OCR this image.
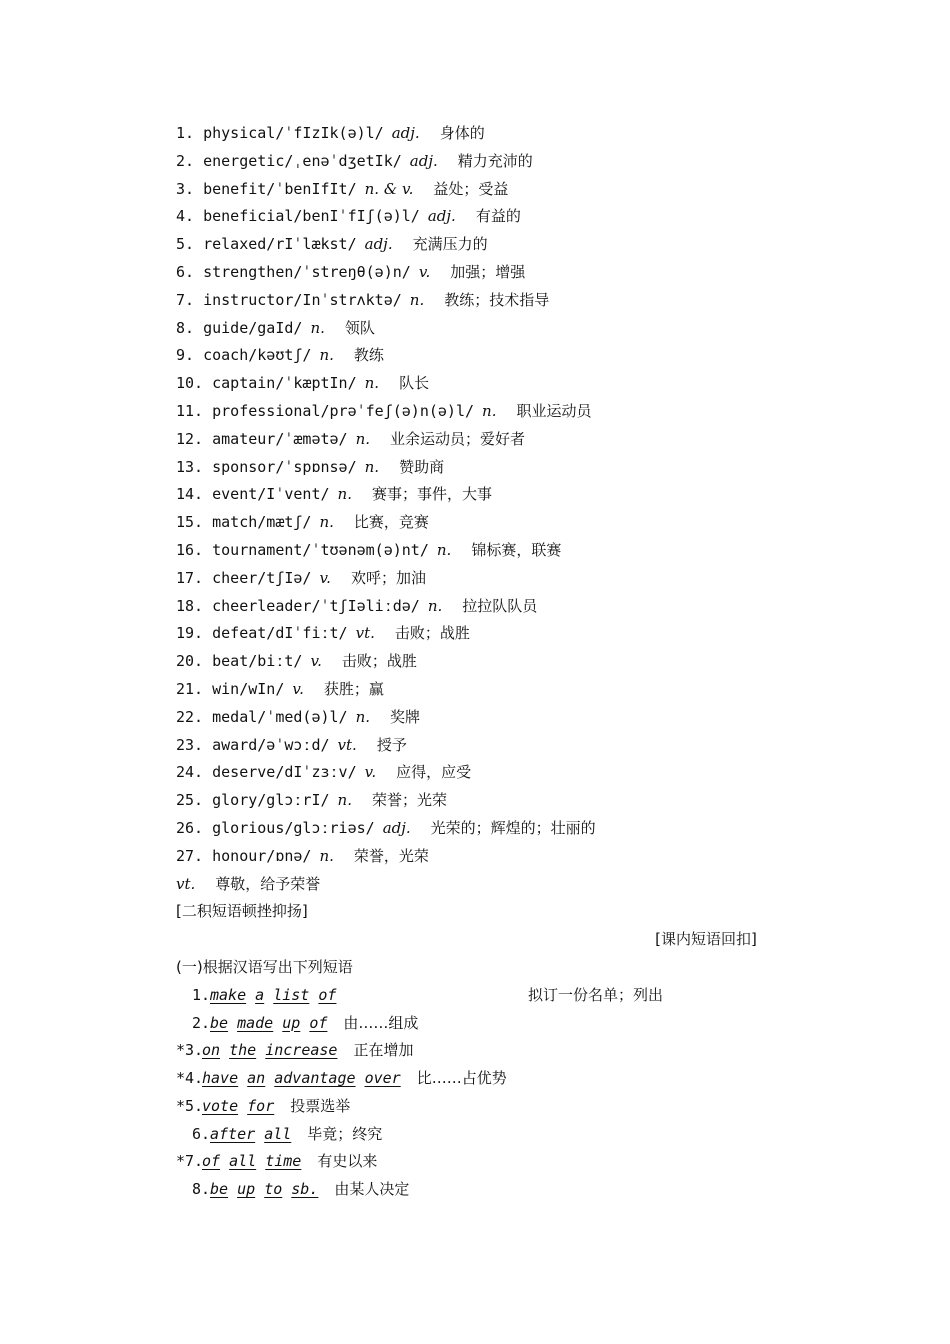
1. physical/ˈfIzIk(ə)l/ adj. 身体的
2. energetic/ˌenəˈdʒetIk/ adj. 精力充沛的
3. benefit/ˈbenIfIt/ n. & v. 益处；受益
4. beneficial/benIˈfIʃ(ə)l/ adj. 有益的
5. relaxed/rIˈlækst/ adj. 充满压力的
6. strengthen/ˈstreŋθ(ə)n/ v. 加强；增强
7. instructor/Inˈstrʌktə/ n. 教练；技术指导
8. guide/gaId/ n. 领队
9. coach/kəʊtʃ/ n. 教练
10. captain/ˈkæptIn/ n. 队长
11. professional/prəˈfeʃ(ə)n(ə)l/ n. 职业运动员
12. amateur/ˈæmətə/ n. 业余运动员；爱好者
13. sponsor/ˈspɒnsə/ n. 赞助商
14. event/Iˈvent/ n. 赛事；事件，大事
15. match/mætʃ/ n. 比赛，竞赛
16. tournament/ˈtʊənəm(ə)nt/ n. 锦标赛，联赛
17. cheer/tʃIə/ v. 欢呼；加油
18. cheerleader/ˈtʃIəliːdə/ n. 拉拉队队员
19. defeat/dIˈfiːt/ vt. 击败；战胜
20. beat/biːt/ v. 击败；战胜
21. win/wIn/ v. 获胜；赢
22. medal/ˈmed(ə)l/ n. 奖牌
23. award/əˈwɔːd/ vt. 授予
24. deserve/dIˈzɜːv/ v. 应得，应受
25. glory/glɔːrI/ n. 荣誉；光荣
26. glorious/glɔːriəs/ adj. 光荣的；辉煌的；壮丽的
27. honour/ɒnə/ n. 荣誉，光荣
vt. 尊敬，给予荣誉
[二积短语顿挫抑扬]
[课内短语回扣]
(一)根据汉语写出下列短语
1.make a list of	拟订一份名单；列出
2.be made up of 由……组成
*3.on the increase 正在增加
*4.have an advantage over 比……占优势
*5.vote for 投票选举
6.after all 毕竟；终究
*7.of all time 有史以来
8.be up to sb. 由某人决定
